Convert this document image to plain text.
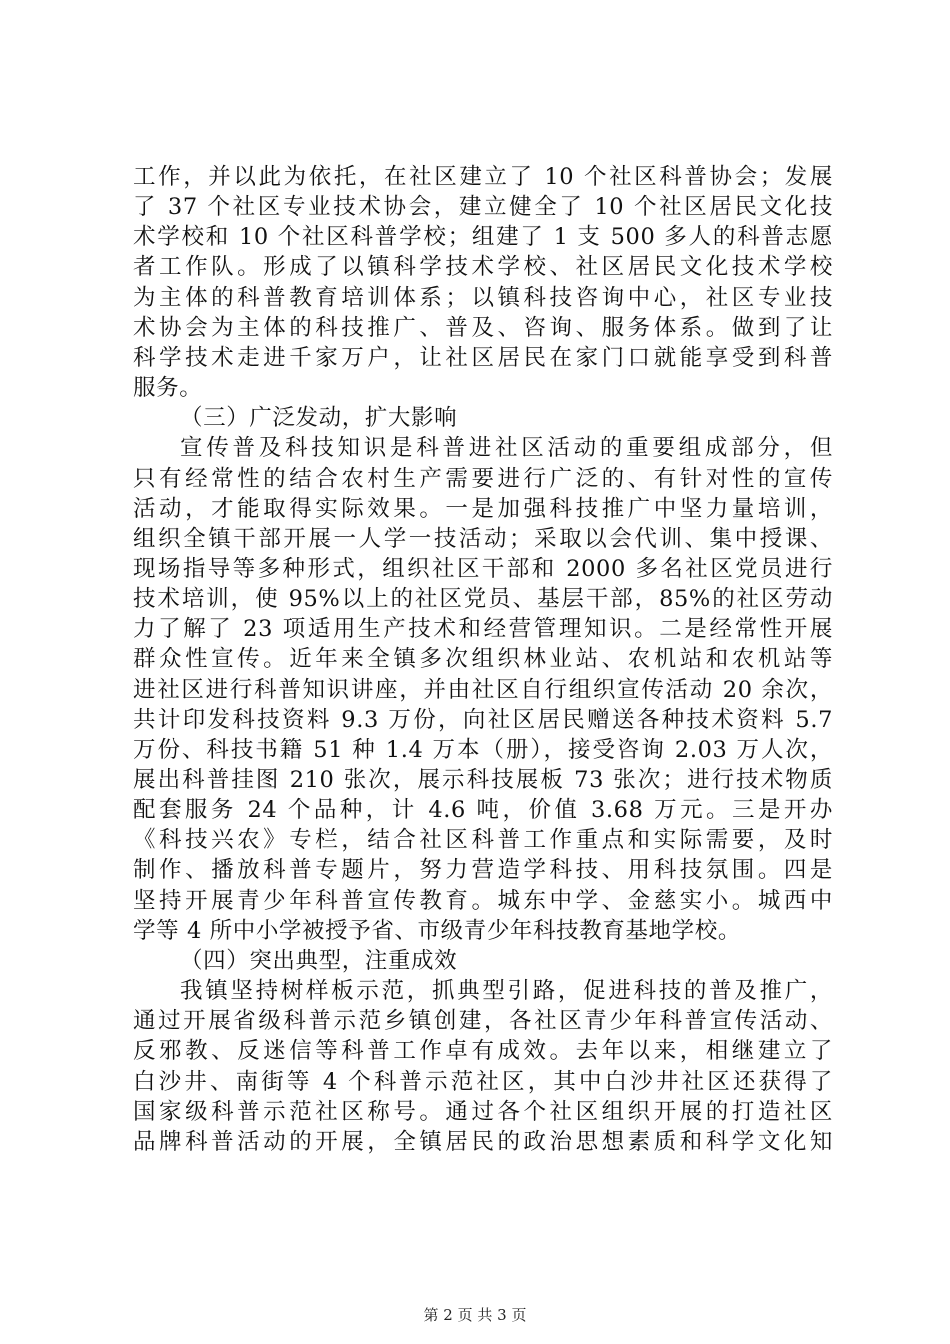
工作，并以此为依托，在社区建立了 10 个社区科普协会；发展
了 37 个社区专业技术协会，建立健全了 10 个社区居民文化技
术学校和 10 个社区科普学校；组建了 1 支 500 多人的科普志愿
者工作队。形成了以镇科学技术学校、社区居民文化技术学校
为主体的科普教育培训体系；以镇科技咨询中心，社区专业技
术协会为主体的科技推广、普及、咨询、服务体系。做到了让
科学技术走进千家万户，让社区居民在家门口就能享受到科普
服务。
（三）广泛发动，扩大影响
宣传普及科技知识是科普进社区活动的重要组成部分，但
只有经常性的结合农村生产需要进行广泛的、有针对性的宣传
活动，才能取得实际效果。一是加强科技推广中坚力量培训，
组织全镇干部开展一人学一技活动；采取以会代训、集中授课、
现场指导等多种形式，组织社区干部和 2000 多名社区党员进行
技术培训，使 95%以上的社区党员、基层干部，85%的社区劳动
力了解了 23 项适用生产技术和经营管理知识。二是经常性开展
群众性宣传。近年来全镇多次组织林业站、农机站和农机站等
进社区进行科普知识讲座，并由社区自行组织宣传活动 20 余次，
共计印发科技资料 9.3 万份，向社区居民赠送各种技术资料 5.7
万份、科技书籍 51 种 1.4 万本（册），接受咨询 2.03 万人次，
展出科普挂图 210 张次，展示科技展板 73 张次；进行技术物质
配套服务 24 个品种，计 4.6 吨，价值 3.68 万元。三是开办
《科技兴农》专栏，结合社区科普工作重点和实际需要，及时
制作、播放科普专题片，努力营造学科技、用科技氛围。四是
坚持开展青少年科普宣传教育。城东中学、金慈实小。城西中
学等 4 所中小学被授予省、市级青少年科技教育基地学校。
（四）突出典型，注重成效
我镇坚持树样板示范，抓典型引路，促进科技的普及推广，
通过开展省级科普示范乡镇创建，各社区青少年科普宣传活动、
反邪教、反迷信等科普工作卓有成效。去年以来，相继建立了
白沙井、南街等 4 个科普示范社区，其中白沙井社区还获得了
国家级科普示范社区称号。通过各个社区组织开展的打造社区
品牌科普活动的开展，全镇居民的政治思想素质和科学文化知
第 2 页 共 3 页
